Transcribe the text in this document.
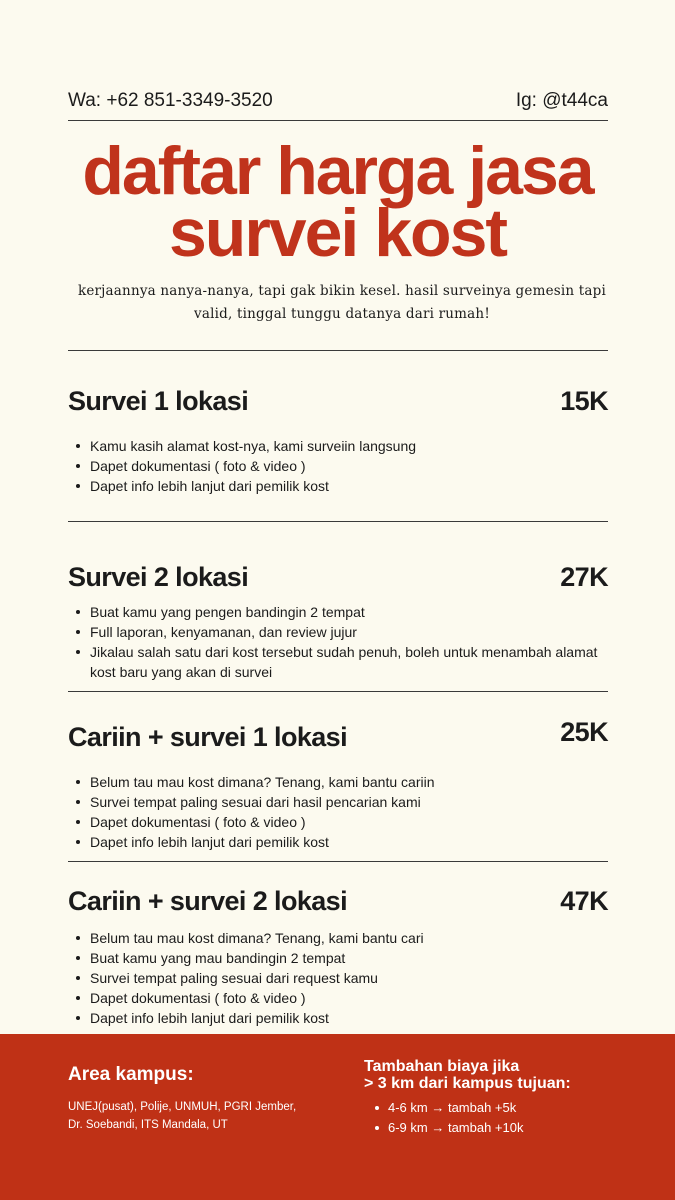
Wa: +62 851-3349-3520	Ig: @t44ca
daftar harga jasa
survei kost
kerjaannya nanya-nanya, tapi gak bikin kesel. hasil surveinya gemesin tapi valid, tinggal tunggu datanya dari rumah!
Survei 1 lokasi	15K
Kamu kasih alamat kost-nya, kami surveiin langsung
Dapet dokumentasi ( foto & video )
Dapet info lebih lanjut dari pemilik kost
Survei 2 lokasi	27K
Buat kamu yang pengen bandingin 2 tempat
Full laporan, kenyamanan, dan review jujur
Jikalau salah satu dari kost tersebut sudah penuh, boleh untuk menambah alamat kost baru yang akan di survei
Cariin + survei 1 lokasi	25K
Belum tau mau kost dimana? Tenang, kami bantu cariin
Survei tempat paling sesuai dari hasil pencarian kami
Dapet dokumentasi ( foto & video )
Dapet info lebih lanjut dari pemilik kost
Cariin + survei 2 lokasi	47K
Belum tau mau kost dimana? Tenang, kami bantu cari
Buat kamu yang mau bandingin 2 tempat
Survei tempat paling sesuai dari request kamu
Dapet dokumentasi ( foto & video )
Dapet info lebih lanjut dari pemilik kost
Area kampus:
UNEJ(pusat), Polije, UNMUH, PGRI Jember, Dr. Soebandi, ITS Mandala, UT
Tambahan biaya jika
> 3 km dari kampus tujuan:
4-6 km → tambah +5k
6-9 km → tambah +10k
